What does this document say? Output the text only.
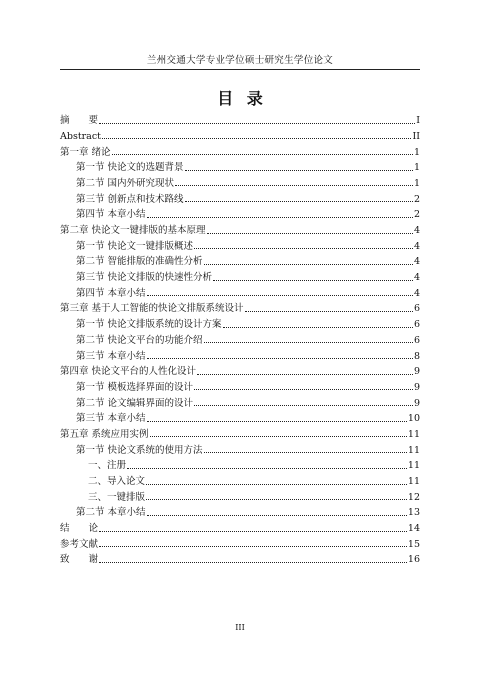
兰州交通大学专业学位硕士研究生学位论文
目 录
摘　　要	I
Abstract	II
第一章 绪论	1
第一节 快论文的选题背景	1
第二节 国内外研究现状	1
第三节 创新点和技术路线	2
第四节 本章小结	2
第二章 快论文一键排版的基本原理	4
第一节 快论文一键排版概述	4
第二节 智能排版的准确性分析	4
第三节 快论文排版的快速性分析	4
第四节 本章小结	4
第三章 基于人工智能的快论文排版系统设计	6
第一节 快论文排版系统的设计方案	6
第二节 快论文平台的功能介绍	6
第三节 本章小结	8
第四章 快论文平台的人性化设计	9
第一节 模板选择界面的设计	9
第二节 论文编辑界面的设计	9
第三节 本章小结	10
第五章 系统应用实例	11
第一节 快论文系统的使用方法	11
一、注册	11
二、导入论文	11
三、一键排版	12
第二节 本章小结	13
结　　论	14
参考文献	15
致　　谢	16
III
